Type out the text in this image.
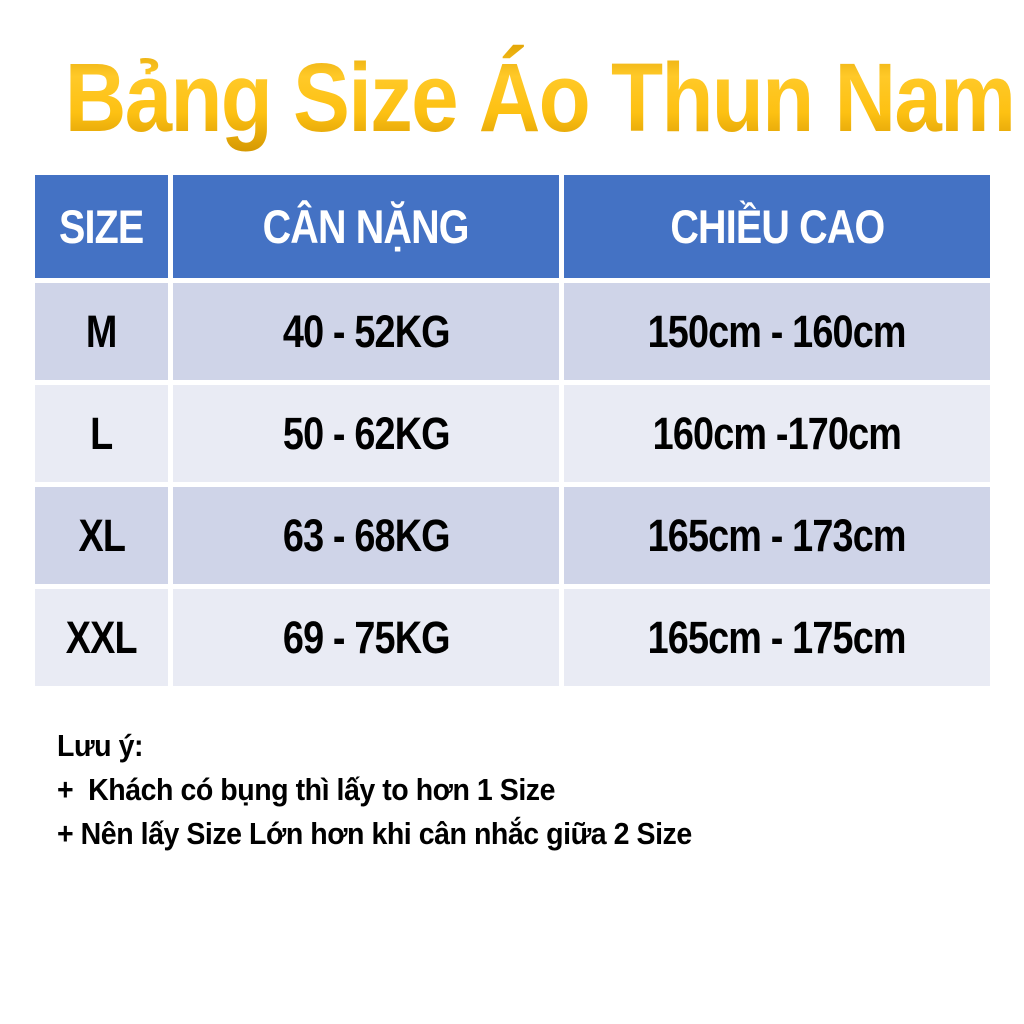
Bảng Size Áo Thun Nam
SIZE	CÂN NẶNG	CHIỀU CAO
M	40 - 52KG	150cm - 160cm
L	50 - 62KG	160cm -170cm
XL	63 - 68KG	165cm - 173cm
XXL	69 - 75KG	165cm - 175cm
Lưu ý:
+  Khách có bụng thì lấy to hơn 1 Size
+ Nên lấy Size Lớn hơn khi cân nhắc giữa 2 Size
